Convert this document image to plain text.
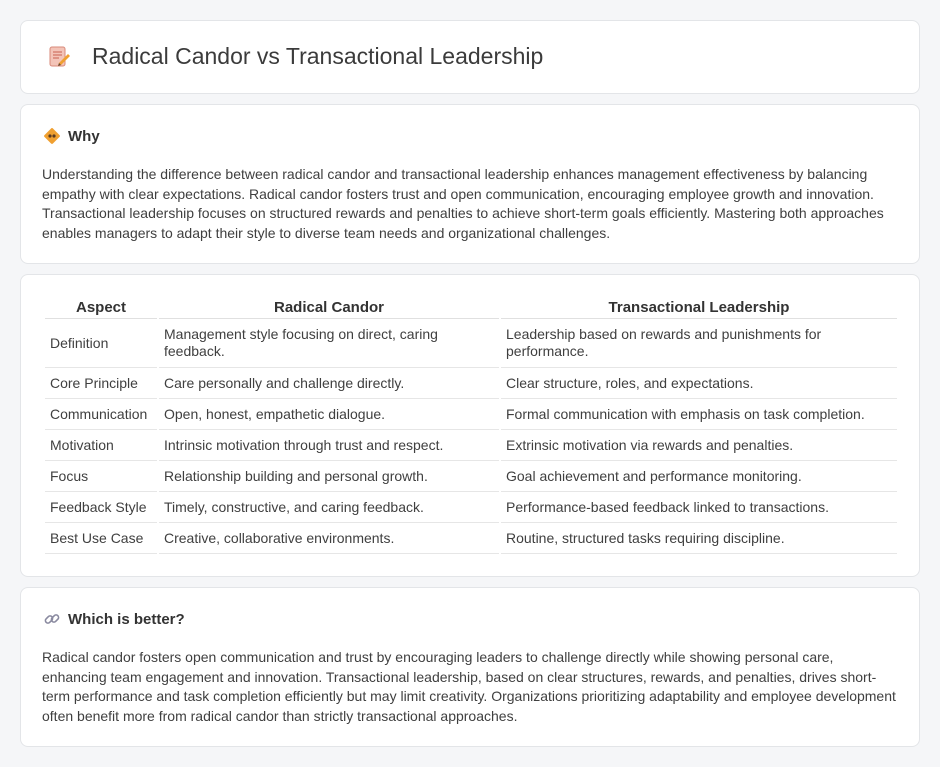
Radical Candor vs Transactional Leadership
Why

Understanding the difference between radical candor and transactional leadership enhances management effectiveness by balancing empathy with clear expectations. Radical candor fosters trust and open communication, encouraging employee growth and innovation. Transactional leadership focuses on structured rewards and penalties to achieve short-term goals efficiently. Mastering both approaches enables managers to adapt their style to diverse team needs and organizational challenges.

Aspect	Radical Candor	Transactional Leadership
Definition	Management style focusing on direct, caring feedback.	Leadership based on rewards and punishments for performance.
Core Principle	Care personally and challenge directly.	Clear structure, roles, and expectations.
Communication	Open, honest, empathetic dialogue.	Formal communication with emphasis on task completion.
Motivation	Intrinsic motivation through trust and respect.	Extrinsic motivation via rewards and penalties.
Focus	Relationship building and personal growth.	Goal achievement and performance monitoring.
Feedback Style	Timely, constructive, and caring feedback.	Performance-based feedback linked to transactions.
Best Use Case	Creative, collaborative environments.	Routine, structured tasks requiring discipline.
Which is better?

Radical candor fosters open communication and trust by encouraging leaders to challenge directly while showing personal care, enhancing team engagement and innovation. Transactional leadership, based on clear structures, rewards, and penalties, drives short-term performance and task completion efficiently but may limit creativity. Organizations prioritizing adaptability and employee development often benefit more from radical candor than strictly transactional approaches.
